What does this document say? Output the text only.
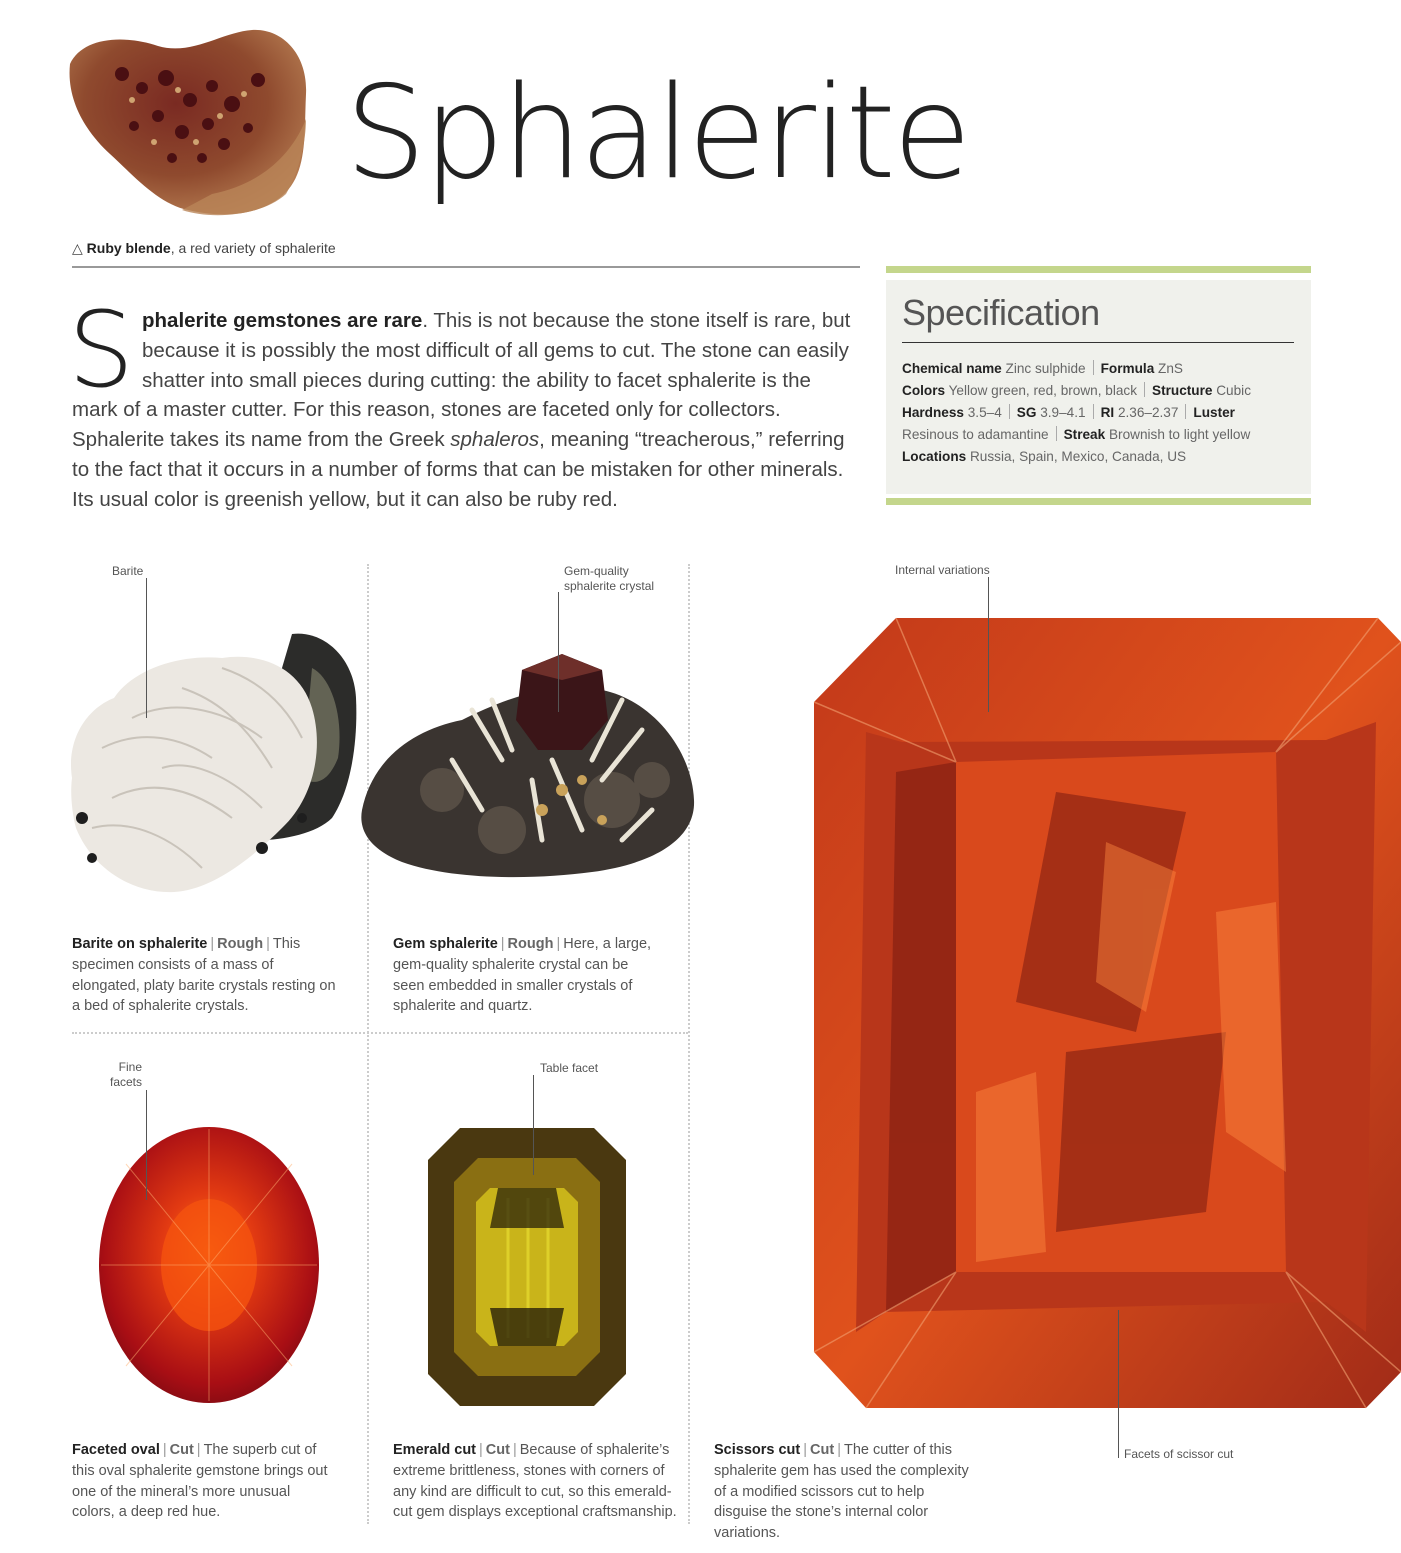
Sphalerite
△ Ruby blende, a red variety of sphalerite
Sphalerite gemstones are rare. This is not because the stone itself is rare, but because it is possibly the most difficult of all gems to cut. The stone can easily shatter into small pieces during cutting: the ability to facet sphalerite is the mark of a master cutter. For this reason, stones are faceted only for collectors. Sphalerite takes its name from the Greek sphaleros, meaning “treacherous,” referring to the fact that it occurs in a number of forms that can be mistaken for other minerals. Its usual color is greenish yellow, but it can also be ruby red.
Specification
Chemical name Zinc sulphide Formula ZnS
Colors Yellow green, red, brown, black Structure Cubic
Hardness 3.5–4 SG 3.9–4.1 RI 2.36–2.37 Luster
Resinous to adamantine Streak Brownish to light yellow
Locations Russia, Spain, Mexico, Canada, US
Barite	Gem-quality
sphalerite crystal
Internal variations
Fine
facets
Table facet
Facets of scissor cut
Barite on sphalerite | Rough | This specimen consists of a mass of elongated, platy barite crystals resting on a bed of sphalerite crystals.
Gem sphalerite | Rough | Here, a large, gem-quality sphalerite crystal can be seen embedded in smaller crystals of sphalerite and quartz.
Faceted oval | Cut | The superb cut of this oval sphalerite gemstone brings out one of the mineral’s more unusual colors, a deep red hue.
Emerald cut | Cut | Because of sphalerite’s extreme brittleness, stones with corners of any kind are difficult to cut, so this emerald-cut gem displays exceptional craftsmanship.
Scissors cut | Cut | The cutter of this sphalerite gem has used the complexity of a modified scissors cut to help disguise the stone’s internal color variations.
